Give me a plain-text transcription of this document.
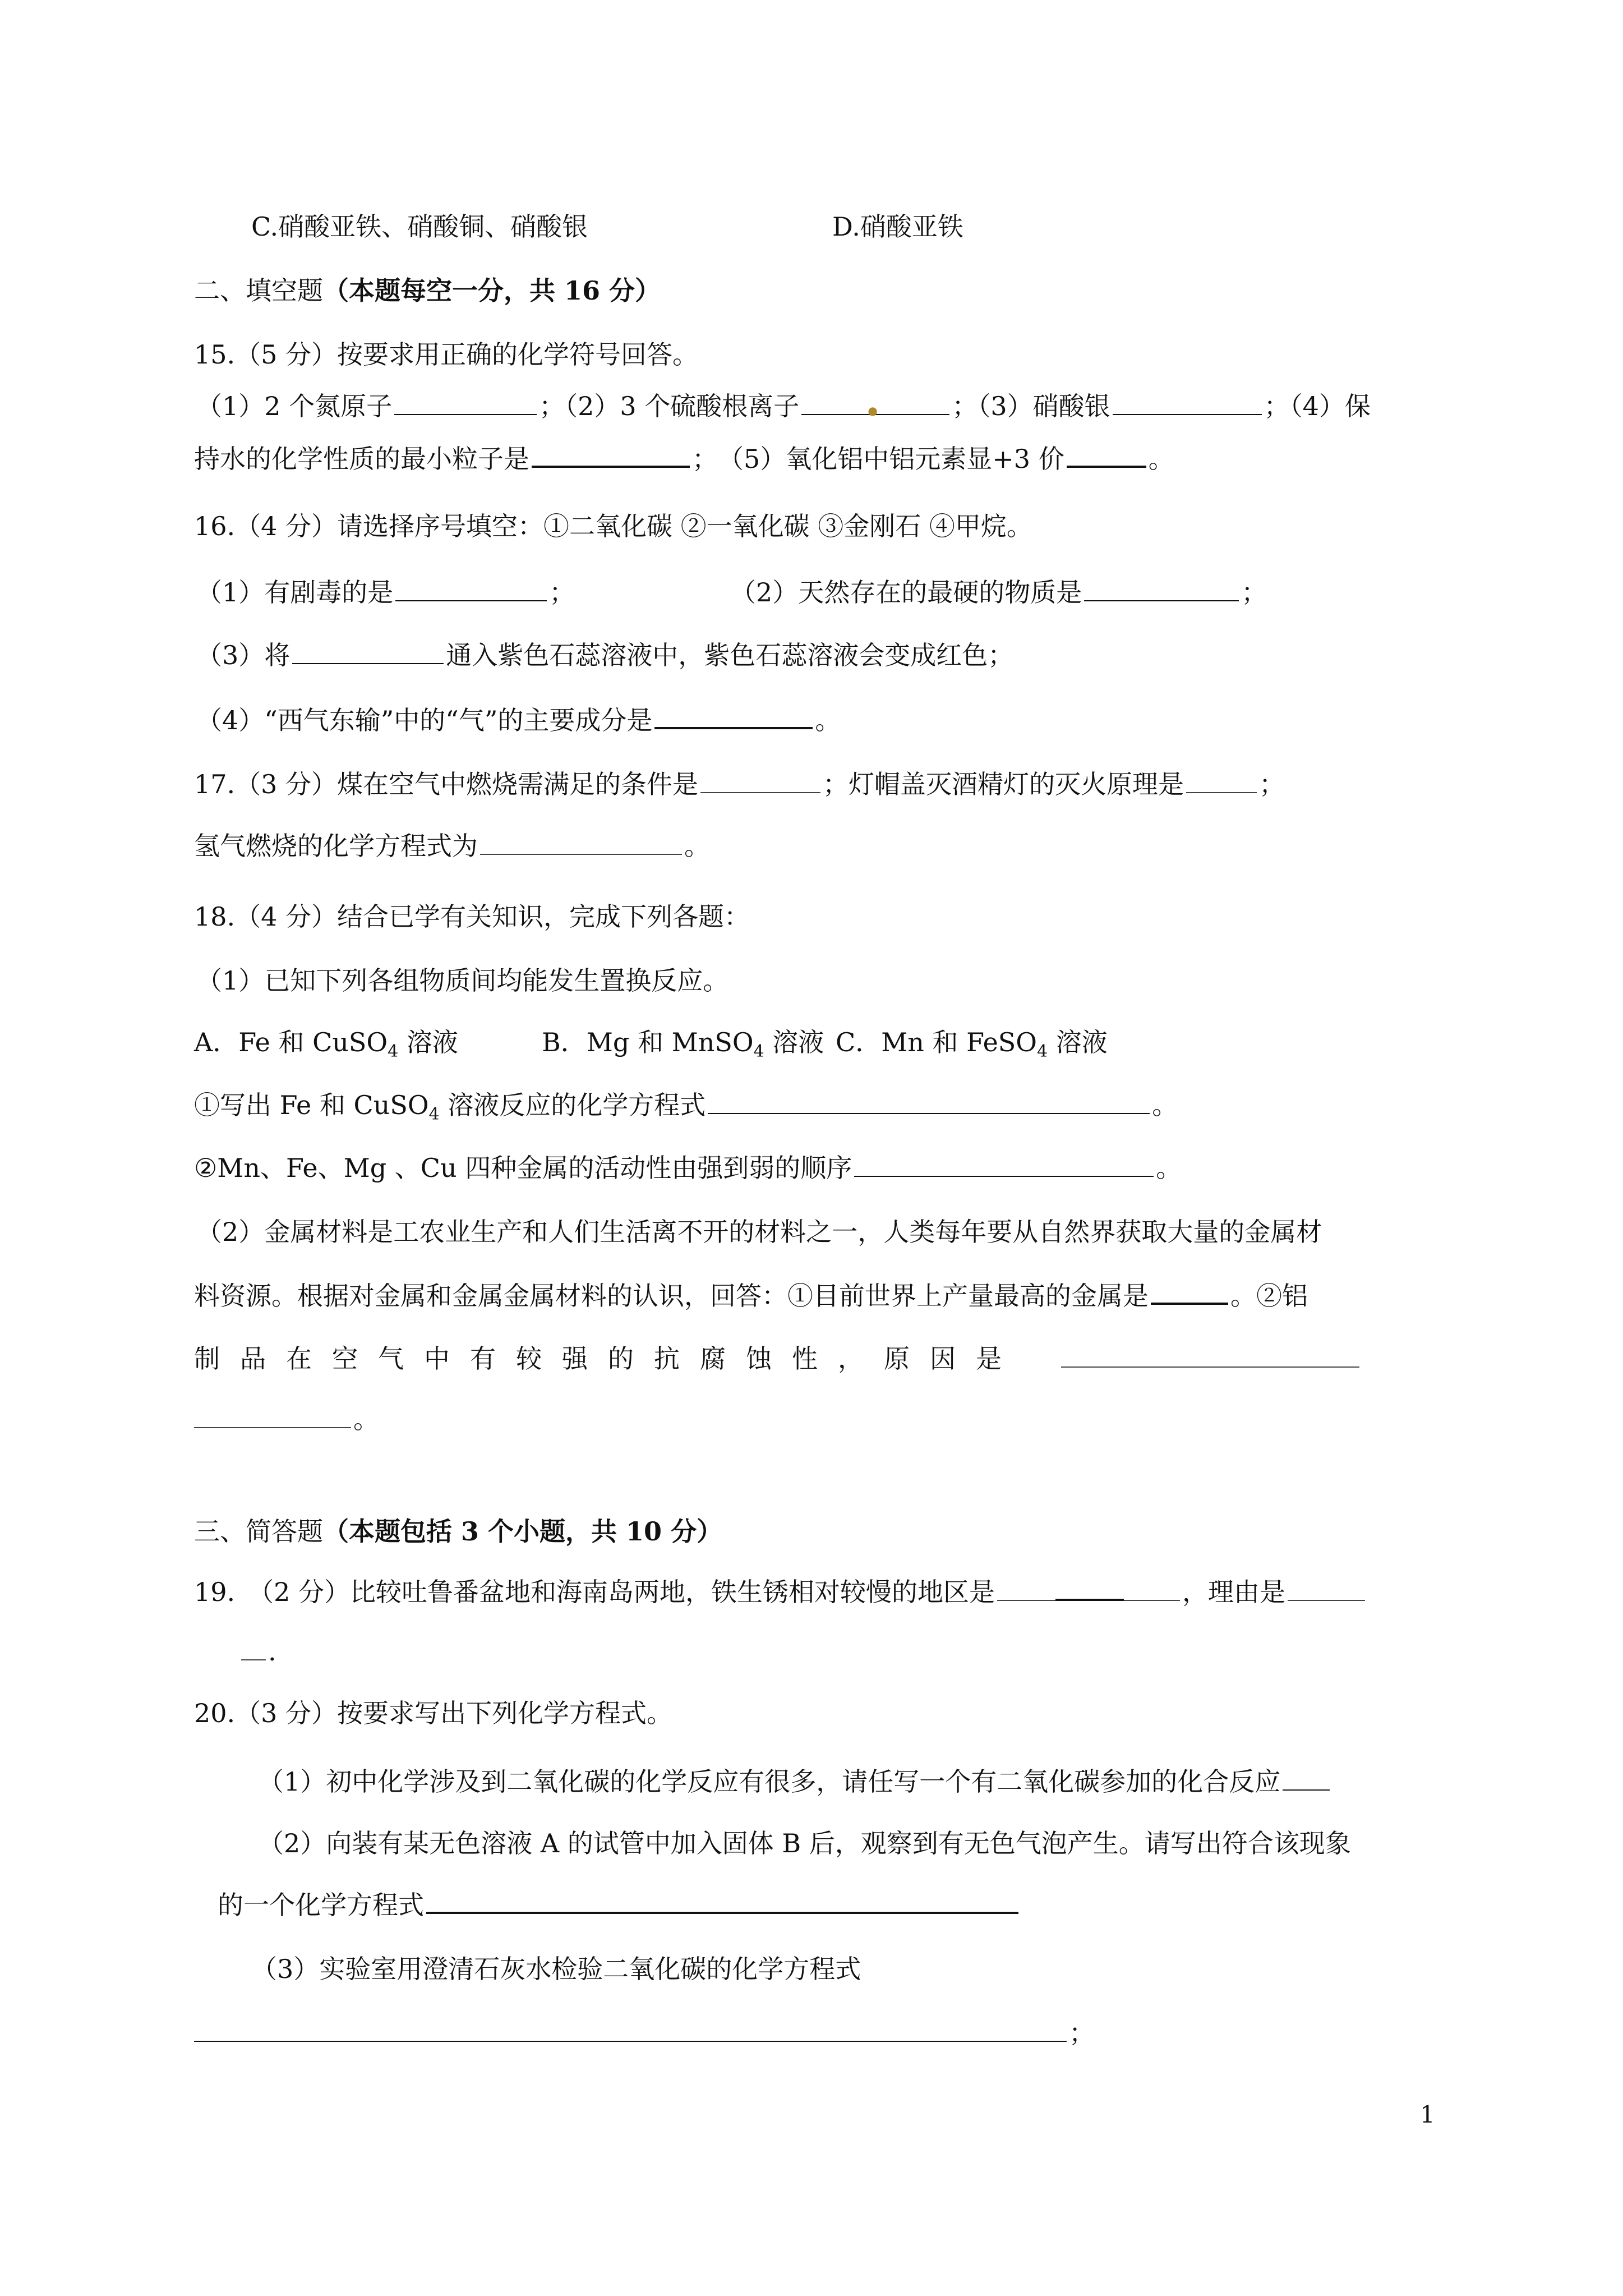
C.硝酸亚铁、硝酸铜、硝酸银	D.硝酸亚铁
二、填空题（本题每空一分，共 16 分）
15.（5 分）按要求用正确的化学符号回答。
（1）2 个氮原子	；（2）3 个硫酸根离子	●	；（3）硝酸银	；（4）保
持水的化学性质的最小粒子是	；　（5）氧化铝中铝元素显+3 价	。
16.（4 分）请选择序号填空：①二氧化碳 ②一氧化碳 ③金刚石 ④甲烷。
（1）有剧毒的是	；	（2）天然存在的最硬的物质是	；
（3）将	通入紫色石蕊溶液中，紫色石蕊溶液会变成红色；
（4）“西气东输”中的“气”的主要成分是	。
17.（3 分）煤在空气中燃烧需满足的条件是	；灯帽盖灭酒精灯的灭火原理是	；
氢气燃烧的化学方程式为	。
18.（4 分）结合已学有关知识，完成下列各题：
（1）已知下列各组物质间均能发生置换反应。
A．Fe 和 CuSO$_4$ 溶液	B．Mg 和 MnSO$_4$ 溶液 C．Mn 和 FeSO$_4$ 溶液
①写出 Fe 和 CuSO$_4$ 溶液反应的化学方程式	。
②Mn、Fe、Mg 、Cu 四种金属的活动性由强到弱的顺序	。
（2）金属材料是工农业生产和人们生活离不开的材料之一，人类每年要从自然界获取大量的金属材
料资源。根据对金属和金属金属材料的认识，回答：①目前世界上产量最高的金属是	。②铝
制品在空气中有较强的抗腐蚀性，原因是
。
三、简答题（本题包括 3 个小题，共 10 分）
19.　（2 分）比较吐鲁番盆地和海南岛两地，铁生锈相对较慢的地区是	，理由是
.
20.（3 分）按要求写出下列化学方程式。
（1）初中化学涉及到二氧化碳的化学反应有很多，请任写一个有二氧化碳参加的化合反应
（2）向装有某无色溶液 A 的试管中加入固体 B 后，观察到有无色气泡产生。请写出符合该现象
的一个化学方程式
（3）实验室用澄清石灰水检验二氧化碳的化学方程式
；
1
